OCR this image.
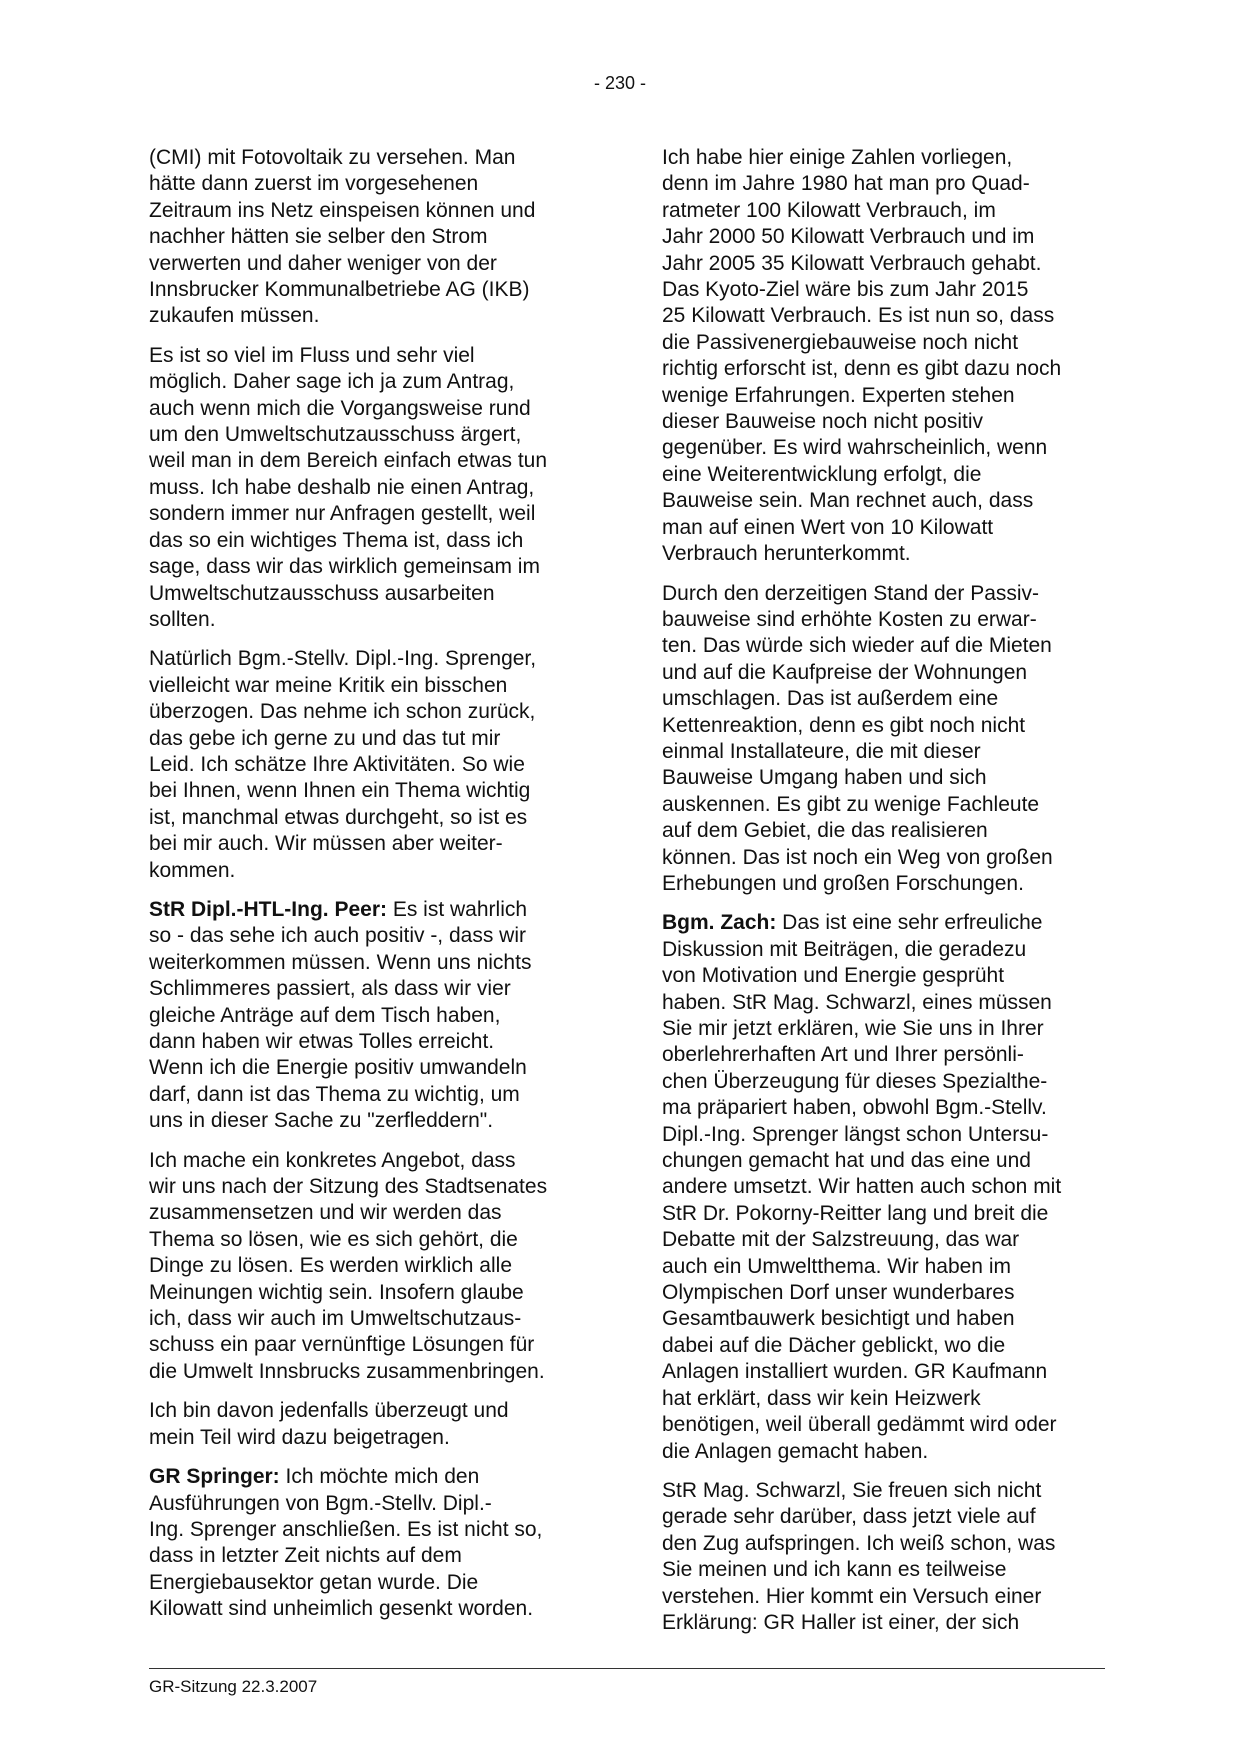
- 230 -

(CMI) mit Fotovoltaik zu versehen. Man
hätte dann zuerst im vorgesehenen
Zeitraum ins Netz einspeisen können und
nachher hätten sie selber den Strom
verwerten und daher weniger von der
Innsbrucker Kommunalbetriebe AG (IKB)
zukaufen müssen.

Es ist so viel im Fluss und sehr viel
möglich. Daher sage ich ja zum Antrag,
auch wenn mich die Vorgangsweise rund
um den Umweltschutzausschuss ärgert,
weil man in dem Bereich einfach etwas tun
muss. Ich habe deshalb nie einen Antrag,
sondern immer nur Anfragen gestellt, weil
das so ein wichtiges Thema ist, dass ich
sage, dass wir das wirklich gemeinsam im
Umweltschutzausschuss ausarbeiten
sollten.

Natürlich Bgm.-Stellv. Dipl.-Ing. Sprenger,
vielleicht war meine Kritik ein bisschen
überzogen. Das nehme ich schon zurück,
das gebe ich gerne zu und das tut mir
Leid. Ich schätze Ihre Aktivitäten. So wie
bei Ihnen, wenn Ihnen ein Thema wichtig
ist, manchmal etwas durchgeht, so ist es
bei mir auch. Wir müssen aber weiter-
kommen.

StR Dipl.-HTL-Ing. Peer: Es ist wahrlich
so - das sehe ich auch positiv -, dass wir
weiterkommen müssen. Wenn uns nichts
Schlimmeres passiert, als dass wir vier
gleiche Anträge auf dem Tisch haben,
dann haben wir etwas Tolles erreicht.
Wenn ich die Energie positiv umwandeln
darf, dann ist das Thema zu wichtig, um
uns in dieser Sache zu "zerfleddern".

Ich mache ein konkretes Angebot, dass
wir uns nach der Sitzung des Stadtsenates
zusammensetzen und wir werden das
Thema so lösen, wie es sich gehört, die
Dinge zu lösen. Es werden wirklich alle
Meinungen wichtig sein. Insofern glaube
ich, dass wir auch im Umweltschutzaus-
schuss ein paar vernünftige Lösungen für
die Umwelt Innsbrucks zusammenbringen.

Ich bin davon jedenfalls überzeugt und
mein Teil wird dazu beigetragen.

GR Springer: Ich möchte mich den
Ausführungen von Bgm.-Stellv. Dipl.-
Ing. Sprenger anschließen. Es ist nicht so,
dass in letzter Zeit nichts auf dem
Energiebausektor getan wurde. Die
Kilowatt sind unheimlich gesenkt worden.

Ich habe hier einige Zahlen vorliegen,
denn im Jahre 1980 hat man pro Quad-
ratmeter 100 Kilowatt Verbrauch, im
Jahr 2000 50 Kilowatt Verbrauch und im
Jahr 2005 35 Kilowatt Verbrauch gehabt.
Das Kyoto-Ziel wäre bis zum Jahr 2015
25 Kilowatt Verbrauch. Es ist nun so, dass
die Passivenergiebauweise noch nicht
richtig erforscht ist, denn es gibt dazu noch
wenige Erfahrungen. Experten stehen
dieser Bauweise noch nicht positiv
gegenüber. Es wird wahrscheinlich, wenn
eine Weiterentwicklung erfolgt, die
Bauweise sein. Man rechnet auch, dass
man auf einen Wert von 10 Kilowatt
Verbrauch herunterkommt.

Durch den derzeitigen Stand der Passiv-
bauweise sind erhöhte Kosten zu erwar-
ten. Das würde sich wieder auf die Mieten
und auf die Kaufpreise der Wohnungen
umschlagen. Das ist außerdem eine
Kettenreaktion, denn es gibt noch nicht
einmal Installateure, die mit dieser
Bauweise Umgang haben und sich
auskennen. Es gibt zu wenige Fachleute
auf dem Gebiet, die das realisieren
können. Das ist noch ein Weg von großen
Erhebungen und großen Forschungen.

Bgm. Zach: Das ist eine sehr erfreuliche
Diskussion mit Beiträgen, die geradezu
von Motivation und Energie gesprüht
haben. StR Mag. Schwarzl, eines müssen
Sie mir jetzt erklären, wie Sie uns in Ihrer
oberlehrerhaften Art und Ihrer persönli-
chen Überzeugung für dieses Spezialthe-
ma präpariert haben, obwohl Bgm.-Stellv.
Dipl.-Ing. Sprenger längst schon Untersu-
chungen gemacht hat und das eine und
andere umsetzt. Wir hatten auch schon mit
StR Dr. Pokorny-Reitter lang und breit die
Debatte mit der Salzstreuung, das war
auch ein Umweltthema. Wir haben im
Olympischen Dorf unser wunderbares
Gesamtbauwerk besichtigt und haben
dabei auf die Dächer geblickt, wo die
Anlagen installiert wurden. GR Kaufmann
hat erklärt, dass wir kein Heizwerk
benötigen, weil überall gedämmt wird oder
die Anlagen gemacht haben.

StR Mag. Schwarzl, Sie freuen sich nicht
gerade sehr darüber, dass jetzt viele auf
den Zug aufspringen. Ich weiß schon, was
Sie meinen und ich kann es teilweise
verstehen. Hier kommt ein Versuch einer
Erklärung: GR Haller ist einer, der sich

GR-Sitzung 22.3.2007
